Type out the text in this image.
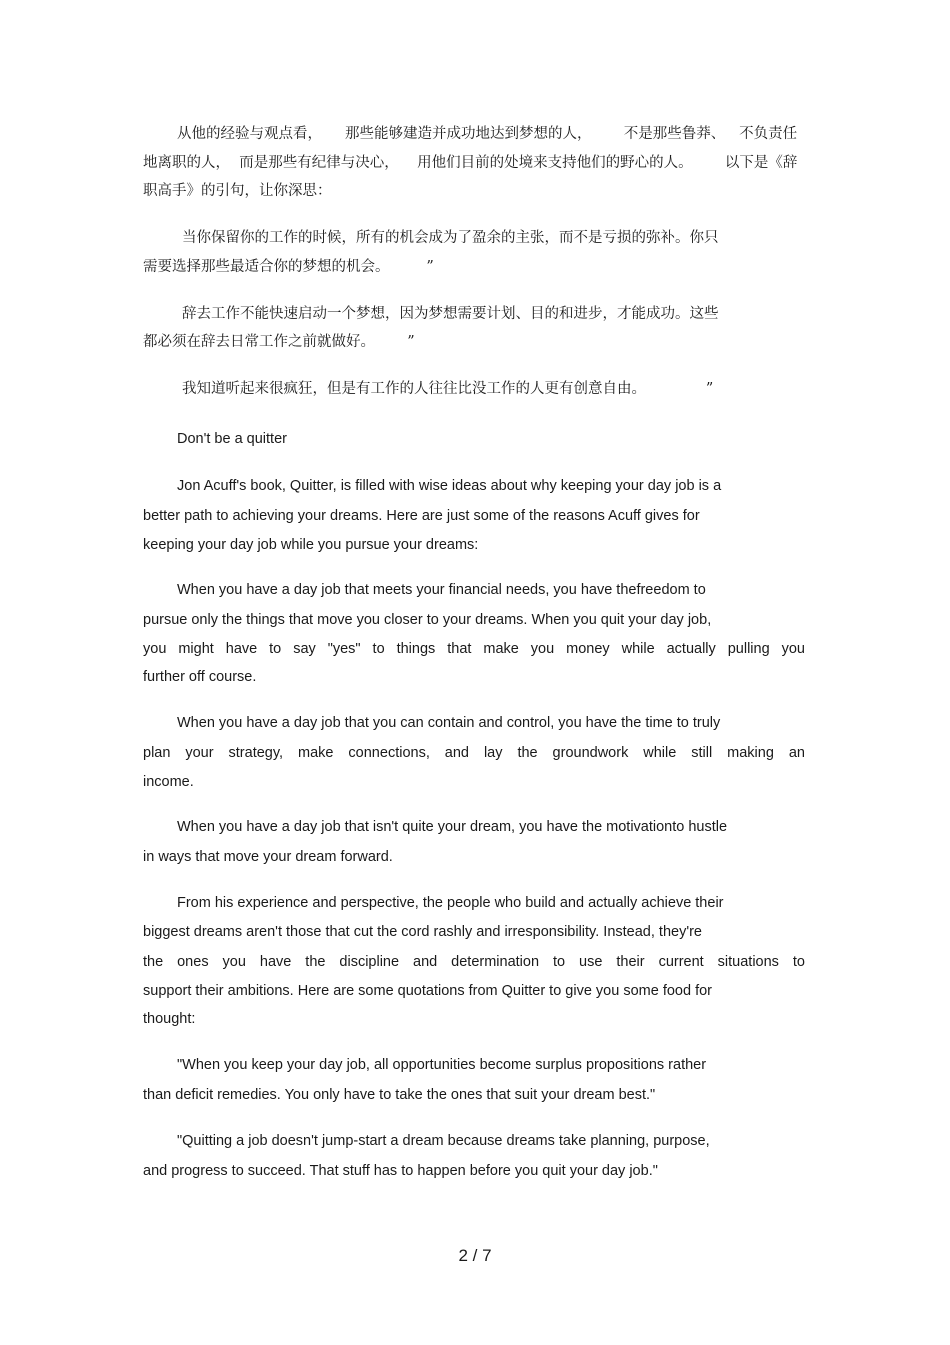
从他的经验与观点看，     那些能够建造并成功地达到梦想的人，       不是那些鲁莽、   不负责任
地离职的人，  而是那些有纪律与决心，    用他们目前的处境来支持他们的野心的人。       以下是《辞
职高手》的引句，让你深思：
当你保留你的工作的时候，所有的机会成为了盈余的主张，而不是亏损的弥补。你只
需要选择那些最适合你的梦想的机会。        ”
辞去工作不能快速启动一个梦想，因为梦想需要计划、目的和进步，才能成功。这些
都必须在辞去日常工作之前就做好。       ”
我知道听起来很疯狂，但是有工作的人往往比没工作的人更有创意自由。             ”
Don't be a quitter
Jon Acuff's book, Quitter, is filled with wise ideas about why keeping your day job is a
better path to achieving your dreams. Here are just some of the reasons Acuff gives for
keeping your day job while you pursue your dreams:
When you have a day job that meets your financial needs, you have thefreedom to
pursue only the things that move you closer to your dreams. When you quit your day job,
you might have to say "yes" to things that make you money while actually pulling you
further off course.
When you have a day job that you can contain and control, you have the time to truly
plan your strategy, make connections, and lay the groundwork while still making an
income.
When you have a day job that isn't quite your dream, you have the motivationto hustle
in ways that move your dream forward.
From his experience and perspective, the people who build and actually achieve their
biggest dreams aren't those that cut the cord rashly and irresponsibility. Instead, they're
the ones you have the discipline and determination to use their current situations to
support their ambitions. Here are some quotations from Quitter to give you some food for
thought:
"When you keep your day job, all opportunities become surplus propositions rather
than deficit remedies. You only have to take the ones that suit your dream best."
"Quitting a job doesn't jump-start a dream because dreams take planning, purpose,
and progress to succeed. That stuff has to happen before you quit your day job."
2 / 7
